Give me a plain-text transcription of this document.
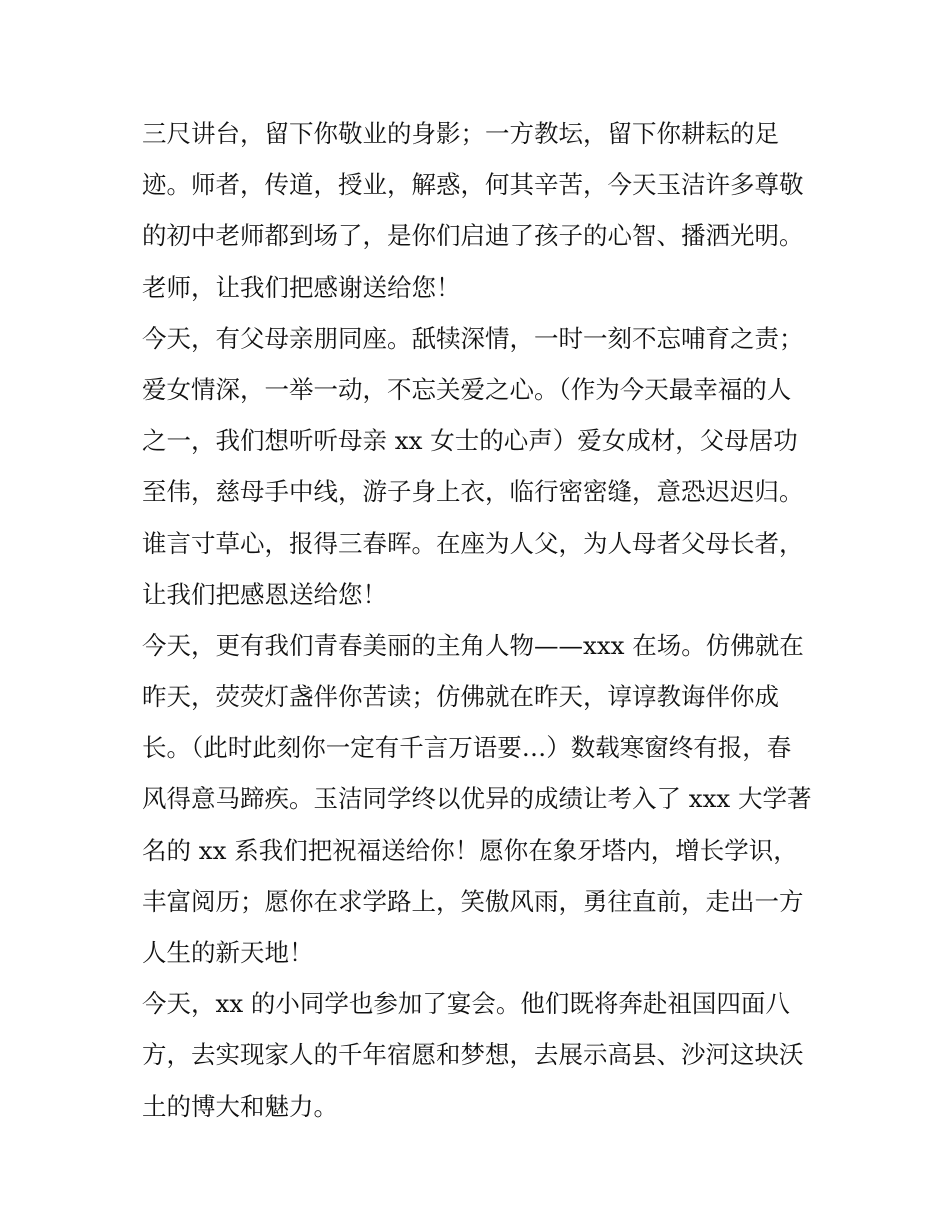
三尺讲台，留下你敬业的身影；一方教坛，留下你耕耘的足
迹。师者，传道，授业，解惑，何其辛苦，今天玉洁许多尊敬
的初中老师都到场了，是你们启迪了孩子的心智、播洒光明。
老师，让我们把感谢送给您！
今天，有父母亲朋同座。舐犊深情，一时一刻不忘哺育之责；
爱女情深，一举一动，不忘关爱之心。（作为今天最幸福的人
之一，我们想听听母亲 xx 女士的心声）爱女成材，父母居功
至伟，慈母手中线，游子身上衣，临行密密缝，意恐迟迟归。
谁言寸草心，报得三春晖。在座为人父，为人母者父母长者，
让我们把感恩送给您！
今天，更有我们青春美丽的主角人物——xxx 在场。仿佛就在
昨天，荧荧灯盏伴你苦读；仿佛就在昨天，谆谆教诲伴你成
长。（此时此刻你一定有千言万语要…）数载寒窗终有报，春
风得意马蹄疾。玉洁同学终以优异的成绩让考入了 xxx 大学著
名的 xx 系我们把祝福送给你！愿你在象牙塔内，增长学识，
丰富阅历；愿你在求学路上，笑傲风雨，勇往直前，走出一方
人生的新天地！
今天，xx 的小同学也参加了宴会。他们既将奔赴祖国四面八
方，去实现家人的千年宿愿和梦想，去展示高县、沙河这块沃
土的博大和魅力。
